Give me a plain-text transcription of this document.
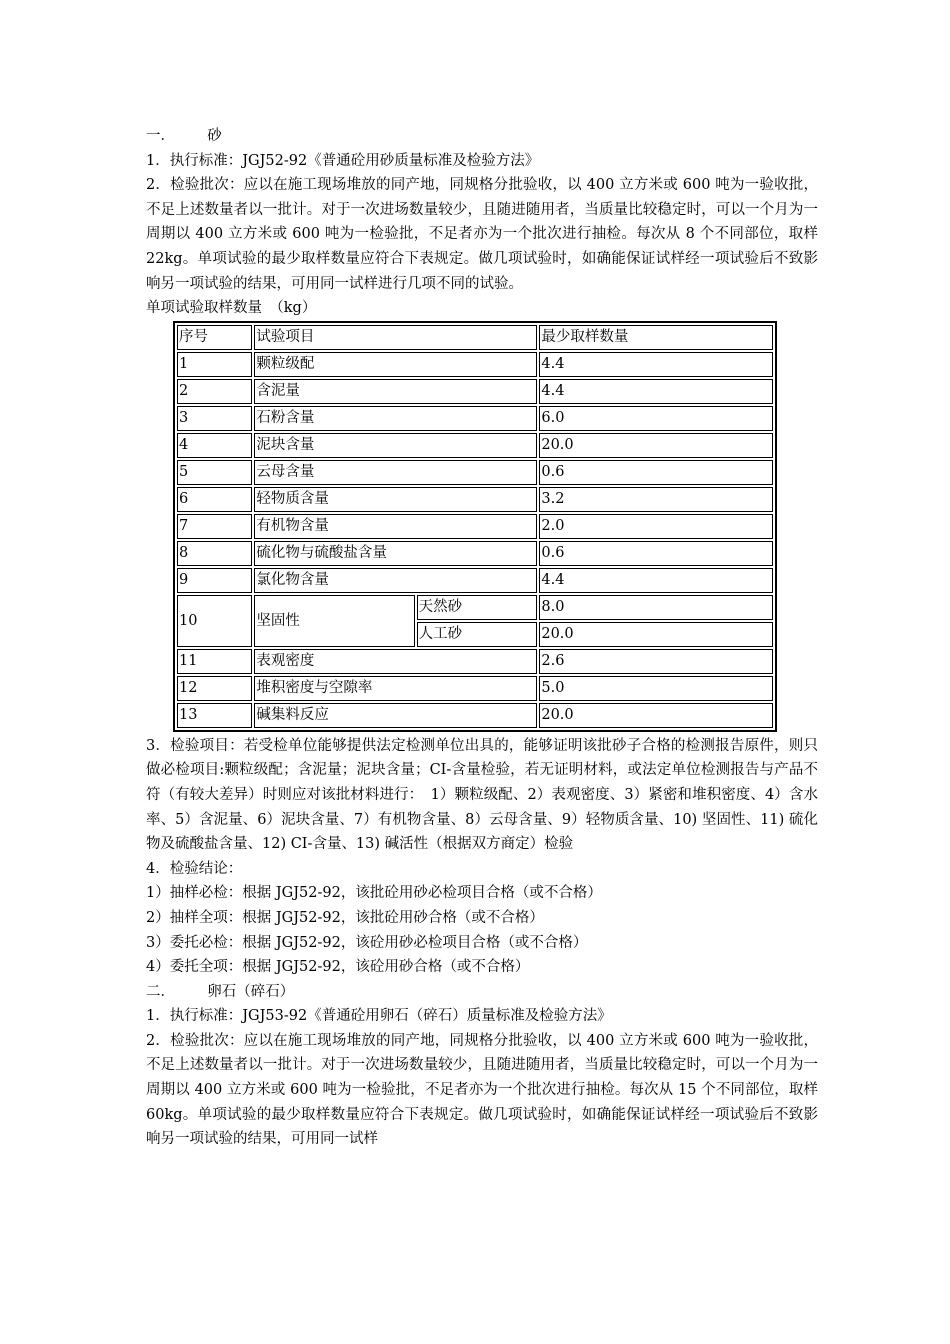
一． 砂

1．执行标准：JGJ52-92《普通砼用砂质量标准及检验方法》

2．检验批次：应以在施工现场堆放的同产地，同规格分批验收，以 400 立方米或 600 吨为一验收批，不足上述数量者以一批计。对于一次进场数量较少，且随进随用者，当质量比较稳定时，可以一个月为一周期以 400 立方米或 600 吨为一检验批，不足者亦为一个批次进行抽检。每次从 8 个不同部位，取样 22kg。单项试验的最少取样数量应符合下表规定。做几项试验时，如确能保证试样经一项试验后不致影响另一项试验的结果，可用同一试样进行几项不同的试验。

单项试验取样数量　（kg）

序号	试验项目		最少取样数量
1	颗粒级配		4.4
2	含泥量		4.4
3	石粉含量		6.0
4	泥块含量		20.0
5	云母含量		0.6
6	轻物质含量		3.2
7	有机物含量		2.0
8	硫化物与硫酸盐含量		0.6
9	氯化物含量		4.4
10	坚固性	天然砂	8.0
		人工砂	20.0
11	表观密度		2.6
12	堆积密度与空隙率		5.0
13	碱集料反应		20.0

3．检验项目：若受检单位能够提供法定检测单位出具的，能够证明该批砂子合格的检测报告原件，则只做必检项目:颗粒级配；含泥量；泥块含量；CI-含量检验，若无证明材料，或法定单位检测报告与产品不符（有较大差异）时则应对该批材料进行：　1）颗粒级配、2）表观密度、3）紧密和堆积密度、4）含水率、5）含泥量、6）泥块含量、7）有机物含量、8）云母含量、9）轻物质含量、10) 坚固性、11) 硫化物及硫酸盐含量、12) CI-含量、13) 碱活性（根据双方商定）检验

4．检验结论：

1）抽样必检：根据 JGJ52-92，该批砼用砂必检项目合格（或不合格）

2）抽样全项：根据 JGJ52-92，该批砼用砂合格（或不合格）

3）委托必检：根据 JGJ52-92，该砼用砂必检项目合格（或不合格）

4）委托全项：根据 JGJ52-92，该砼用砂合格（或不合格）

二． 卵石（碎石）

1．执行标准：JGJ53-92《普通砼用卵石（碎石）质量标准及检验方法》

2．检验批次：应以在施工现场堆放的同产地，同规格分批验收，以 400 立方米或 600 吨为一验收批，不足上述数量者以一批计。对于一次进场数量较少，且随进随用者，当质量比较稳定时，可以一个月为一周期以 400 立方米或 600 吨为一检验批，不足者亦为一个批次进行抽检。每次从 15 个不同部位，取样 60kg。单项试验的最少取样数量应符合下表规定。做几项试验时，如确能保证试样经一项试验后不致影响另一项试验的结果，可用同一试样
